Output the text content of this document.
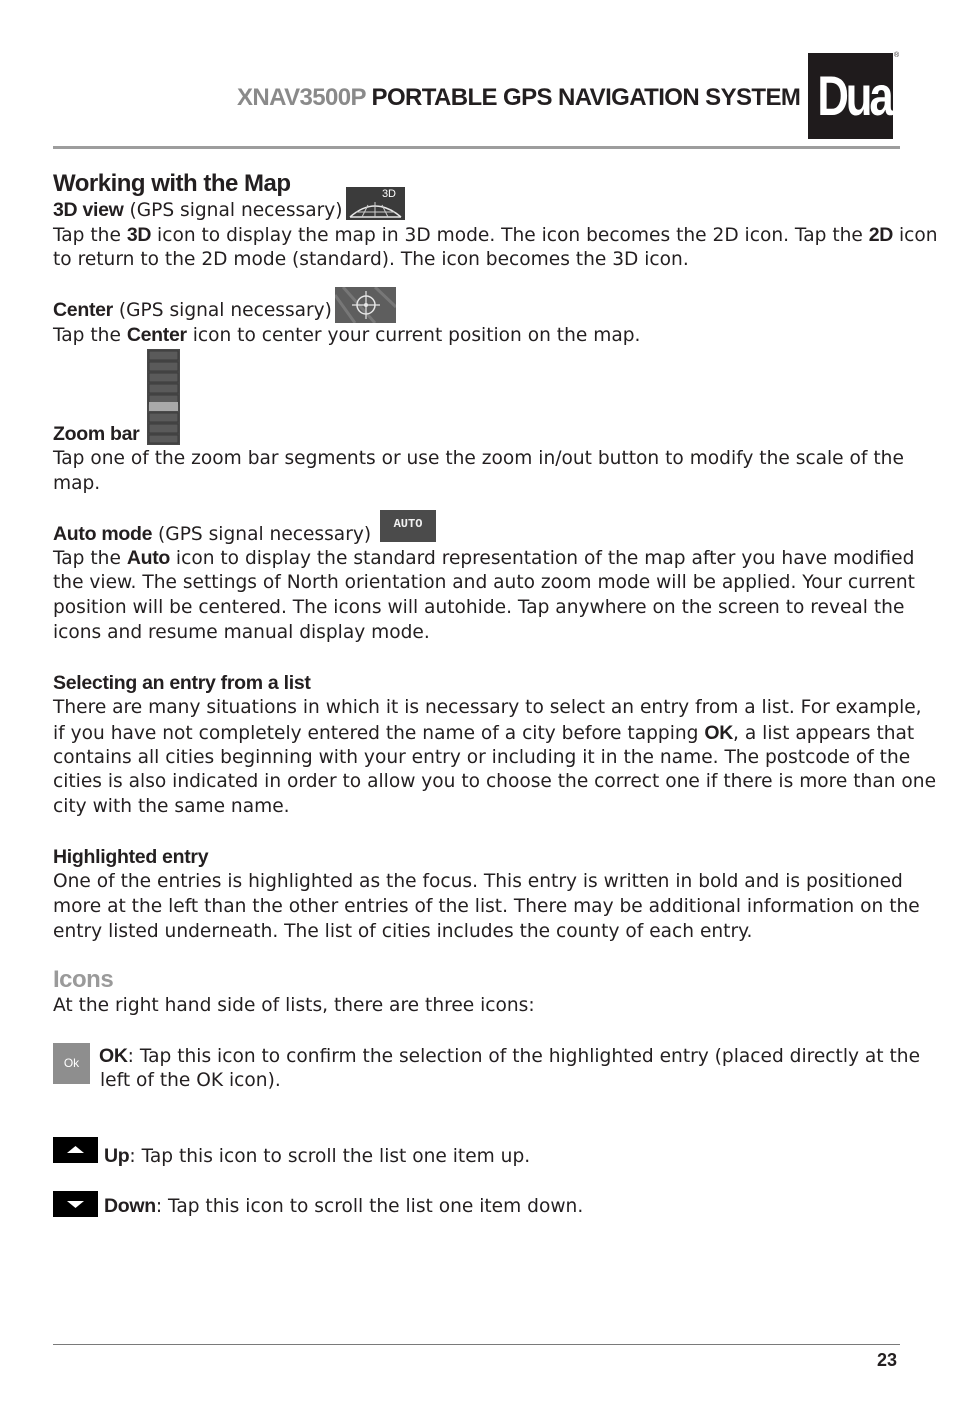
XNAV3500P PORTABLE GPS NAVIGATION SYSTEM Dual
®
Working with the Map
3D view (GPS signal necessary)
3D
Tap the 3D icon to display the map in 3D mode. The icon becomes the 2D icon. Tap the 2D icon
to return to the 2D mode (standard). The icon becomes the 3D icon.
Center (GPS signal necessary)
Tap the Center icon to center your current position on the map.
Zoom bar
Tap one of the zoom bar segments or use the zoom in/out button to modify the scale of the
map.
Auto mode (GPS signal necessary)	AUTO
Tap the Auto icon to display the standard representation of the map after you have modified
the view. The settings of North orientation and auto zoom mode will be applied. Your current
position will be centered. The icons will autohide. Tap anywhere on the screen to reveal the
icons and resume manual display mode.
Selecting an entry from a list
There are many situations in which it is necessary to select an entry from a list. For example,
if you have not completely entered the name of a city before tapping OK, a list appears that
contains all cities beginning with your entry or including it in the name. The postcode of the
cities is also indicated in order to allow you to choose the correct one if there is more than one
city with the same name.
Highlighted entry
One of the entries is highlighted as the focus. This entry is written in bold and is positioned
more at the left than the other entries of the list. There may be additional information on the
entry listed underneath. The list of cities includes the county of each entry.
Icons
At the right hand side of lists, there are three icons:
Ok	OK: Tap this icon to confirm the selection of the highlighted entry (placed directly at the
left of the OK icon).
Up: Tap this icon to scroll the list one item up.
Down: Tap this icon to scroll the list one item down.
23
